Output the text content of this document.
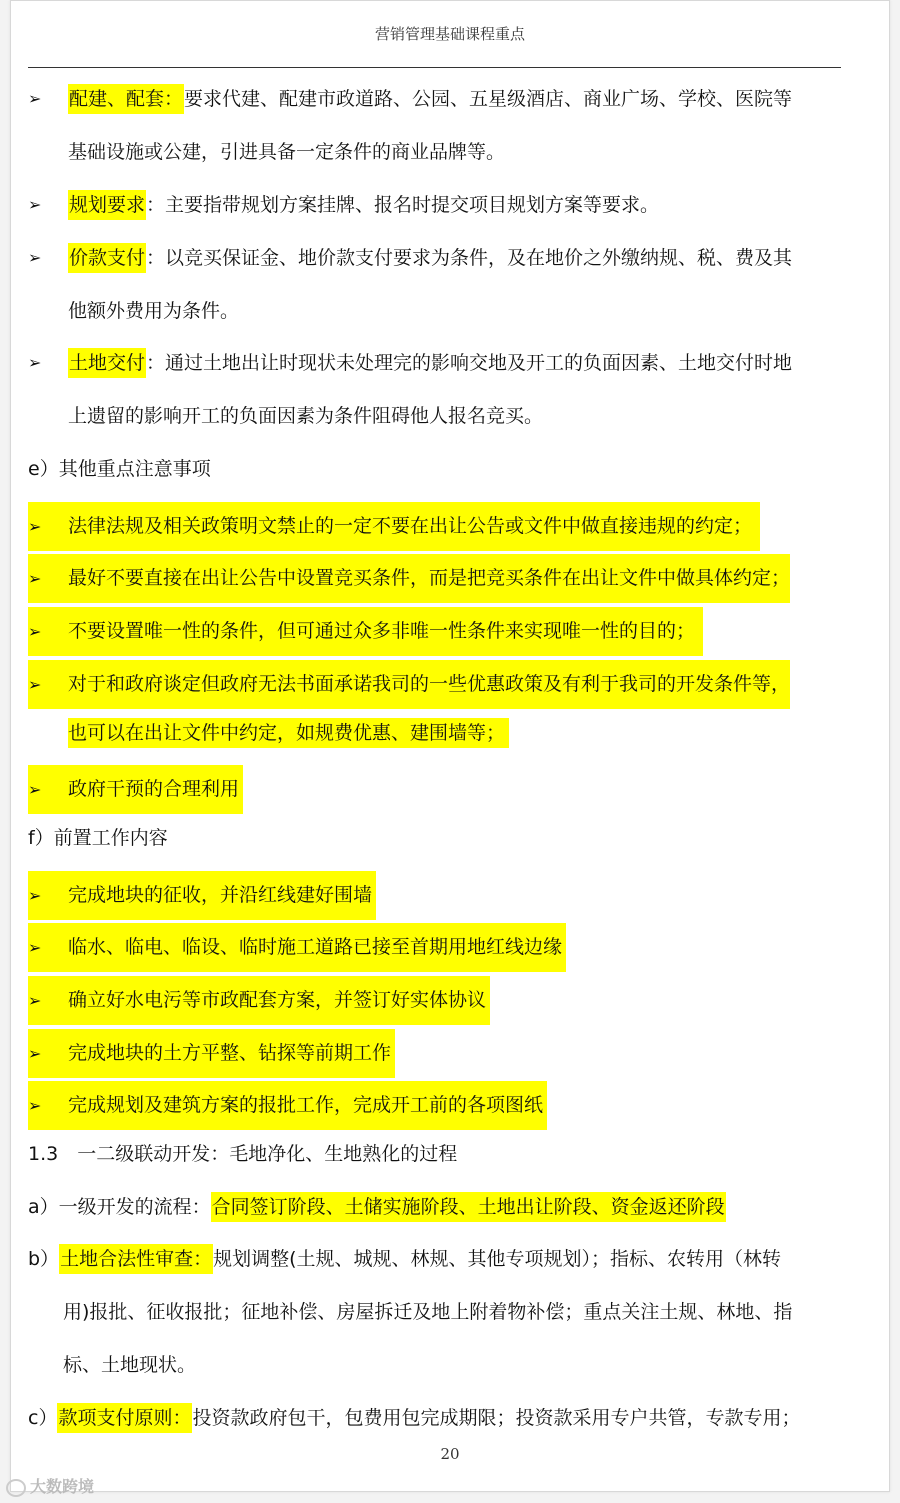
营销管理基础课程重点
➢	配建、配套：要求代建、配建市政道路、公园、五星级酒店、商业广场、学校、医院等
基础设施或公建，引进具备一定条件的商业品牌等。
➢	规划要求：主要指带规划方案挂牌、报名时提交项目规划方案等要求。
➢	价款支付：以竞买保证金、地价款支付要求为条件，及在地价之外缴纳规、税、费及其
他额外费用为条件。
➢	土地交付：通过土地出让时现状未处理完的影响交地及开工的负面因素、土地交付时地
上遗留的影响开工的负面因素为条件阻碍他人报名竞买。
e）其他重点注意事项
➢ 法律法规及相关政策明文禁止的一定不要在出让公告或文件中做直接违规的约定；
➢ 最好不要直接在出让公告中设置竞买条件，而是把竞买条件在出让文件中做具体约定；
➢ 不要设置唯一性的条件，但可通过众多非唯一性条件来实现唯一性的目的；
➢ 对于和政府谈定但政府无法书面承诺我司的一些优惠政策及有利于我司的开发条件等，
也可以在出让文件中约定，如规费优惠、建围墙等；
➢ 政府干预的合理利用
f）前置工作内容
➢ 完成地块的征收，并沿红线建好围墙
➢ 临水、临电、临设、临时施工道路已接至首期用地红线边缘
➢ 确立好水电污等市政配套方案，并签订好实体协议
➢ 完成地块的土方平整、钻探等前期工作
➢ 完成规划及建筑方案的报批工作，完成开工前的各项图纸
1.3　一二级联动开发：毛地净化、生地熟化的过程
a）一级开发的流程：合同签订阶段、土储实施阶段、土地出让阶段、资金返还阶段
b）土地合法性审查：规划调整(土规、城规、林规、其他专项规划）；指标、农转用（林转
用)报批、征收报批；征地补偿、房屋拆迁及地上附着物补偿；重点关注土规、林地、指
标、土地现状。
c）款项支付原则：投资款政府包干，包费用包完成期限；投资款采用专户共管，专款专用；
20
大数跨境
